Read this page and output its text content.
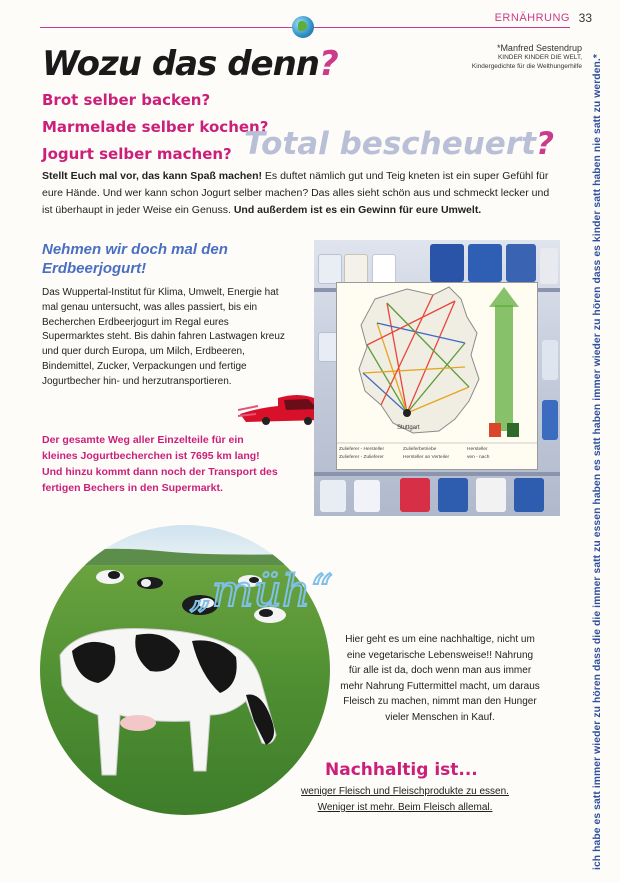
ERNÄHRUNG 33
Wozu das denn?	*Manfred Sestendrup
KINDER KINDER DIE WELT,
Kindergedichte für die Welthungerhilfe
Brot selber backen?
Marmelade selber kochen?
Jogurt selber machen? Total bescheuert?
Stellt Euch mal vor, das kann Spaß machen! Es duftet nämlich gut und Teig kneten ist ein super Gefühl für eure Hände. Und wer kann schon Jogurt selber machen? Das alles sieht schön aus und schmeckt lecker und ist überhaupt in jeder Weise ein Genuss. Und außerdem ist es ein Gewinn für eure Umwelt.
Nehmen wir doch mal den Erdbeerjogurt!
Das Wuppertal-Institut für Klima, Umwelt, Energie hat mal genau untersucht, was alles passiert, bis ein Becherchen Erdbeerjogurt im Regal eures Supermarktes steht. Bis dahin fahren Lastwagen kreuz und quer durch Europa, um Milch, Erdbeeren, Bindemittel, Zucker, Verpackungen und fertige Jogurtbecher hin- und herzutransportieren.
Der gesamte Weg aller Einzelteile für ein kleines Jogurtbecherchen ist 7695 km lang! Und hinzu kommt dann noch der Transport des fertigen Bechers in den Supermarkt.
Stuttgart
Zulieferer - Hersteller	Zulieferbetriebe	Hersteller
Zulieferer - Zulieferer	Hersteller an Verteiler	ven - nach
„müh“
Hier geht es um eine nachhaltige, nicht um eine vegetarische Lebensweise!! Nahrung für alle ist da, doch wenn man aus immer mehr Nahrung Futtermittel macht, um daraus Fleisch zu machen, nimmt man den Hunger vieler Menschen in Kauf.
Nachhaltig ist...
weniger Fleisch und Fleischprodukte zu essen. Weniger ist mehr. Beim Fleisch allemal.	ich habe es satt immer wieder zu hören dass die die immer satt zu essen haben es satt haben immer wieder zu hören dass es kinder satt haben nie satt zu werden.*
